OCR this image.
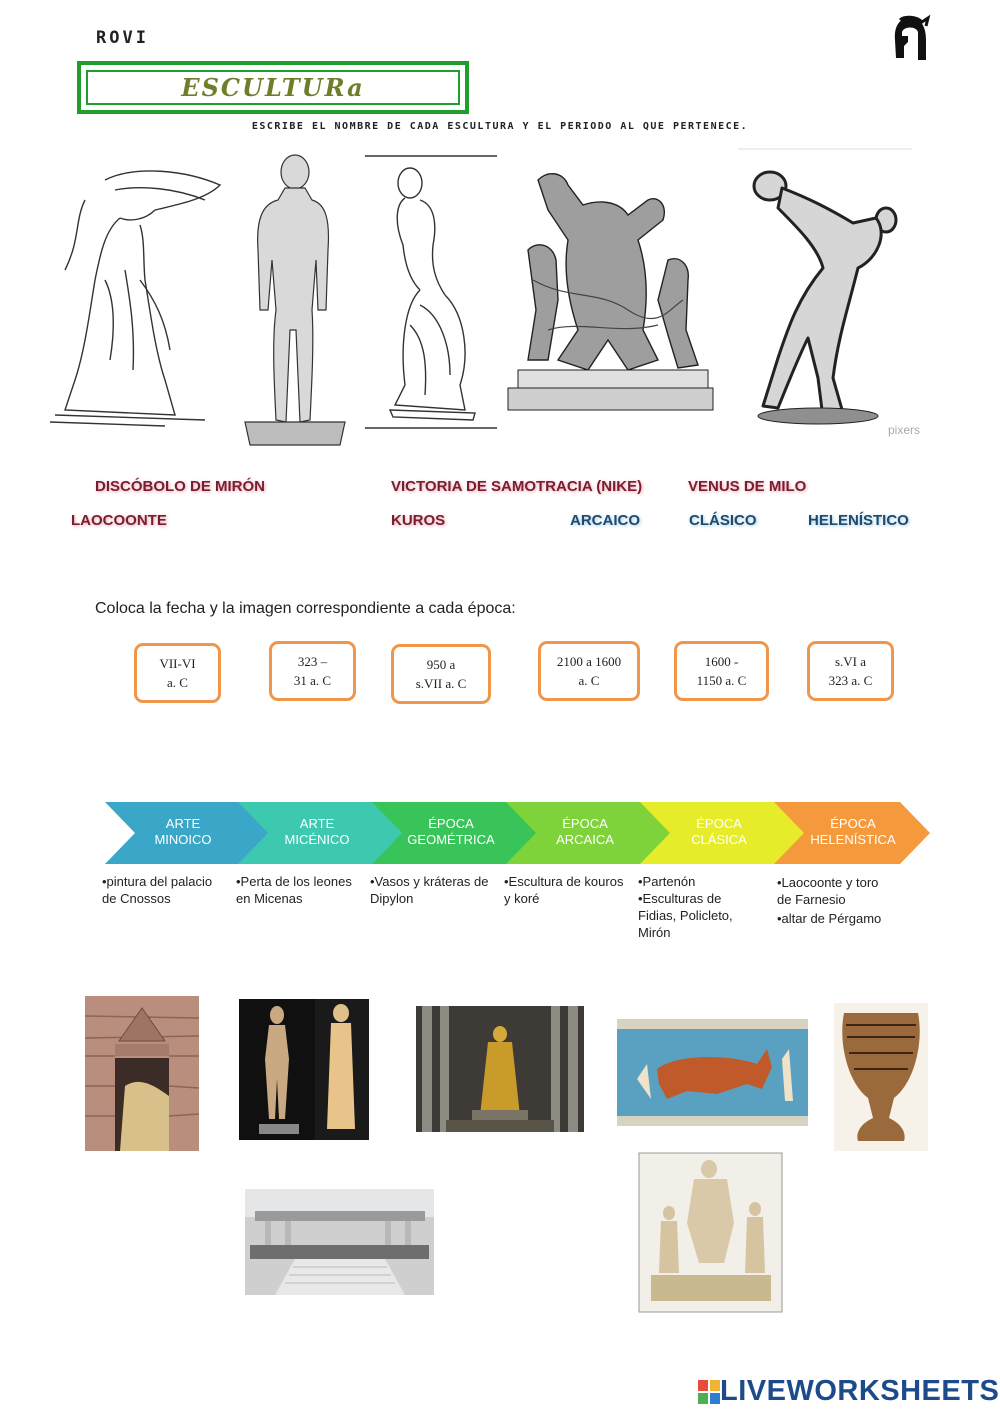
ROVI
ESCULTURa
ESCRIBE EL NOMBRE DE CADA ESCULTURA Y EL PERIODO AL QUE PERTENECE.
pixers
DISCÓBOLO DE MIRÓN	VICTORIA DE SAMOTRACIA (NIKE)	VENUS DE MILO
LAOCOONTE	KUROS	ARCAICO	CLÁSICO	HELENÍSTICO
Coloca la fecha y la imagen correspondiente a cada época:
VII-VI
a. C
323 –
31 a. C
950 a
s.VII a. C
2100 a 1600
a. C
1600 -
1150 a. C
s.VI a
323 a. C
ARTE
MINOICO
ARTE
MICÉNICO
ÉPOCA
GEOMÉTRICA
ÉPOCA
ARCAICA
ÉPOCA
CLÁSICA
ÉPOCA
HELENÍSTICA
•pintura del palacio
de Cnossos
•Perta de los leones
en Micenas
•Vasos y kráteras de
Dipylon
•Escultura de kouros
y koré
•Partenón
•Esculturas de
Fidias, Policleto,
Mirón
•Laocoonte y toro
de Farnesio
•altar de Pérgamo
LIVEWORKSHEETS
